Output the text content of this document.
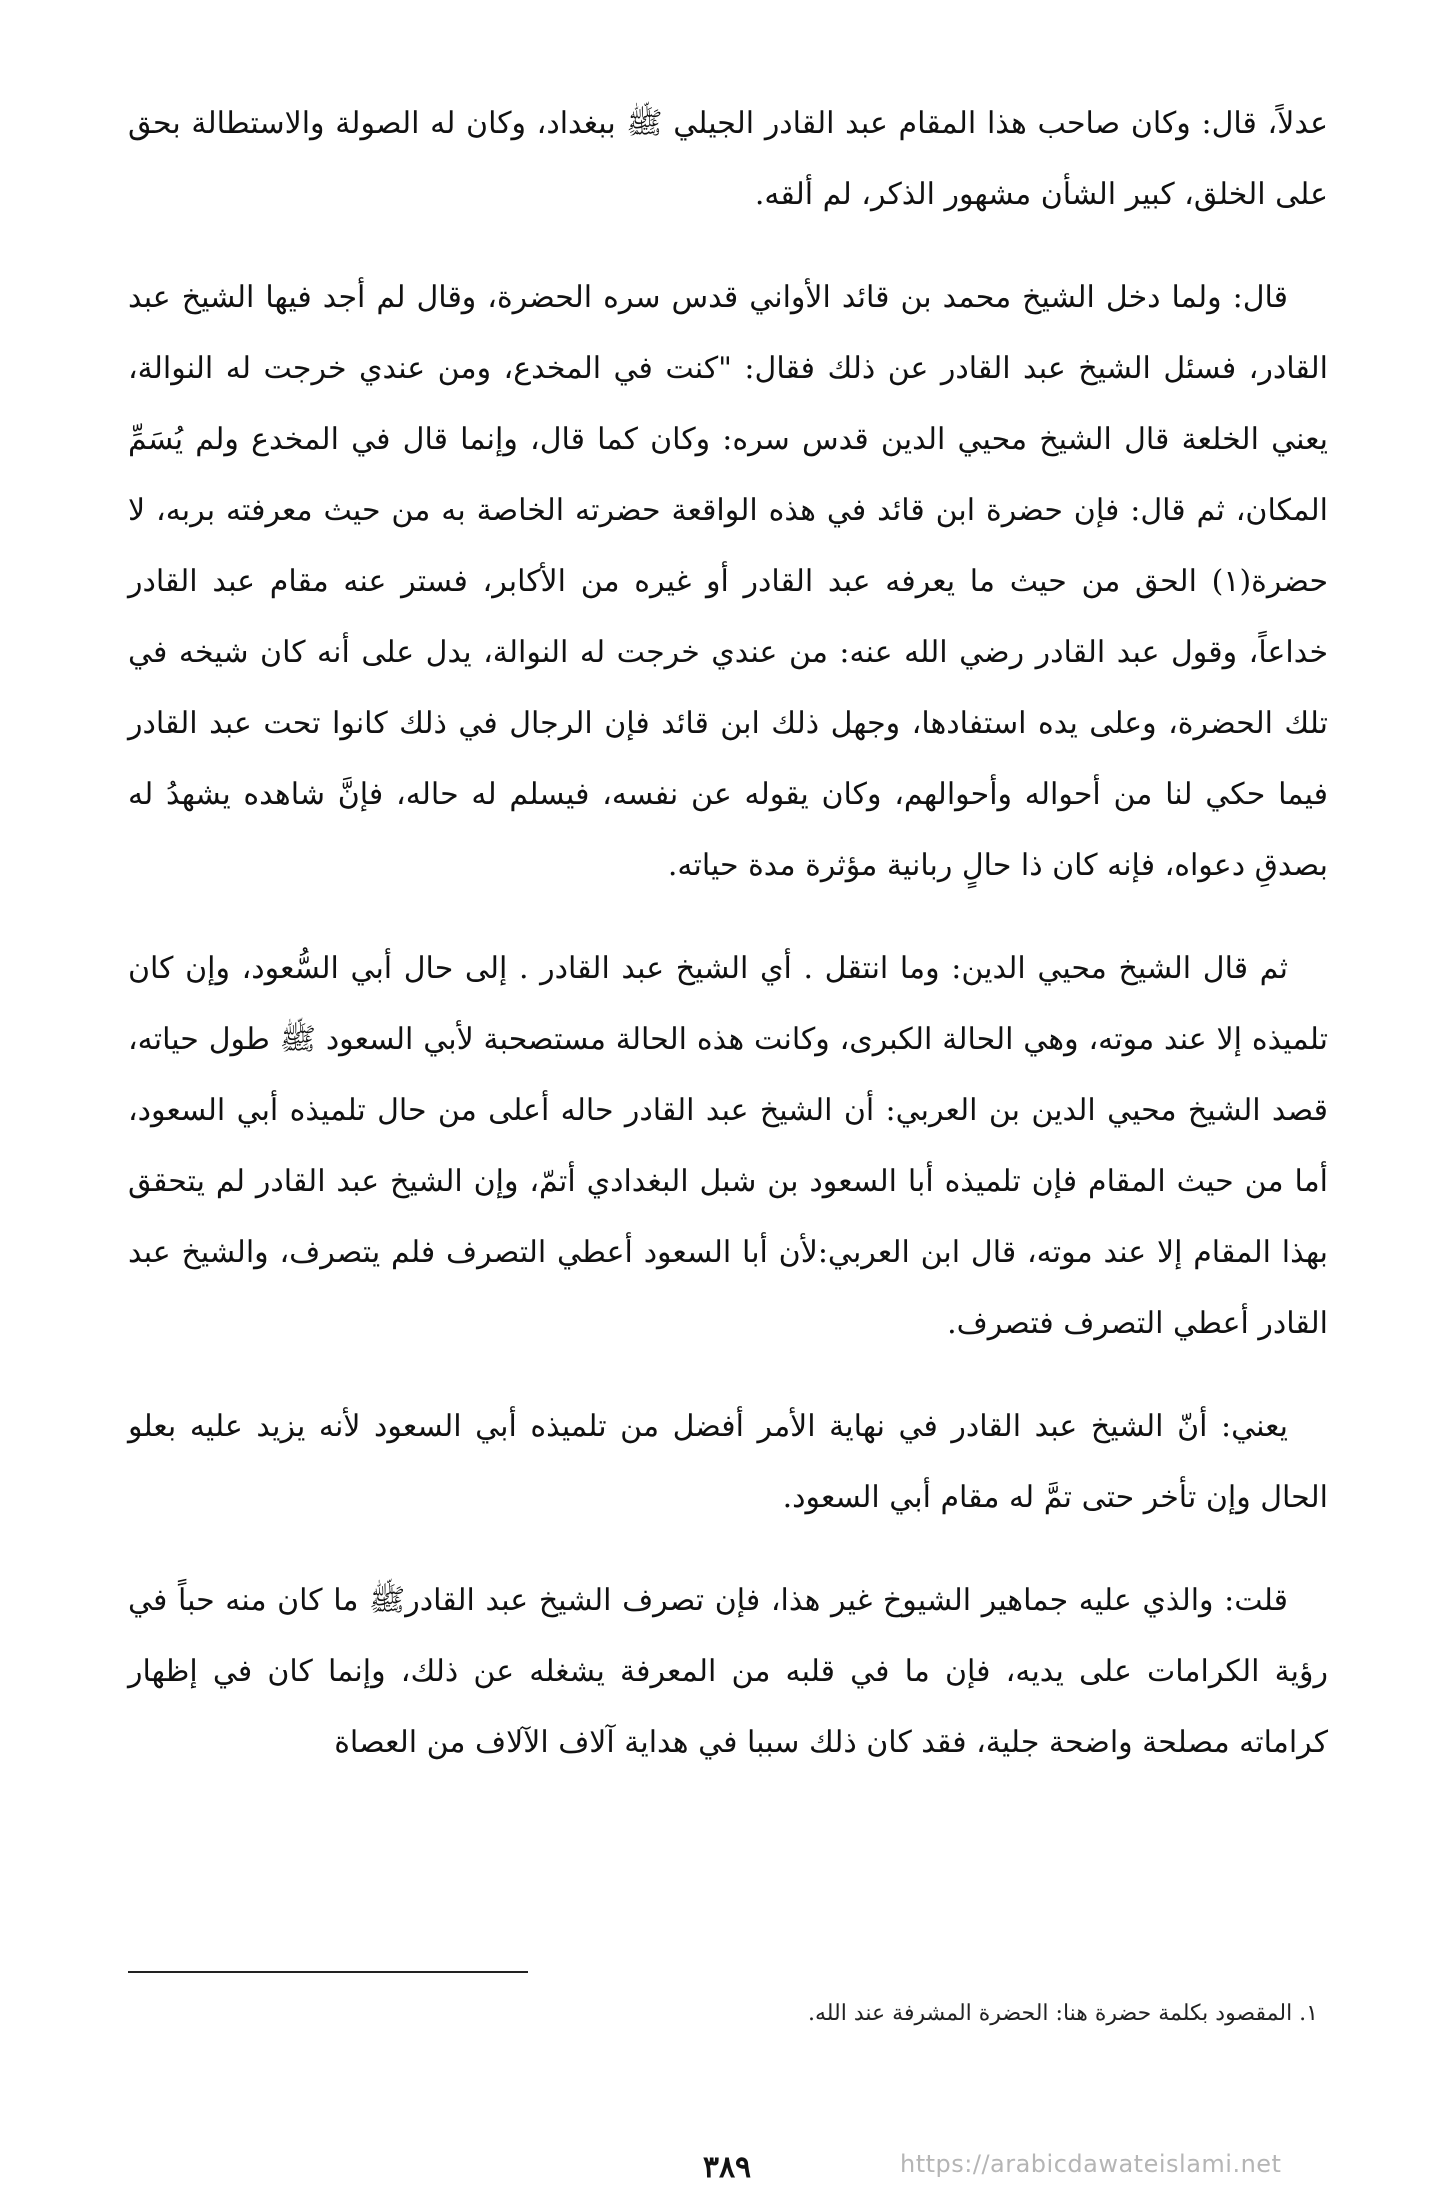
عدلاً، قال: وكان صاحب هذا المقام عبد القادر الجيلي ﷺ ببغداد، وكان له الصولة والاستطالة بحق على الخلق، كبير الشأن مشهور الذكر، لم ألقه.

قال: ولما دخل الشيخ محمد بن قائد الأواني قدس سره الحضرة، وقال لم أجد فيها الشيخ عبد القادر، فسئل الشيخ عبد القادر عن ذلك فقال: "كنت في المخدع، ومن عندي خرجت له النوالة، يعني الخلعة قال الشيخ محيي الدين قدس سره: وكان كما قال، وإنما قال في المخدع ولم يُسَمِّ المكان، ثم قال: فإن حضرة ابن قائد في هذه الواقعة حضرته الخاصة به من حيث معرفته بربه، لا حضرة(١) الحق من حيث ما يعرفه عبد القادر أو غيره من الأكابر، فستر عنه مقام عبد القادر خداعاً، وقول عبد القادر رضي الله عنه: من عندي خرجت له النوالة، يدل على أنه كان شيخه في تلك الحضرة، وعلى يده استفادها، وجهل ذلك ابن قائد فإن الرجال في ذلك كانوا تحت عبد القادر فيما حكي لنا من أحواله وأحوالهم، وكان يقوله عن نفسه، فيسلم له حاله، فإنَّ شاهده يشهدُ له بصدقِ دعواه، فإنه كان ذا حالٍ ربانية مؤثرة مدة حياته.

ثم قال الشيخ محيي الدين: وما انتقل . أي الشيخ عبد القادر . إلى حال أبي السُّعود، وإن كان تلميذه إلا عند موته، وهي الحالة الكبرى، وكانت هذه الحالة مستصحبة لأبي السعود ﷺ طول حياته، قصد الشيخ محيي الدين بن العربي: أن الشيخ عبد القادر حاله أعلى من حال تلميذه أبي السعود، أما من حيث المقام فإن تلميذه أبا السعود بن شبل البغدادي أتمّ، وإن الشيخ عبد القادر لم يتحقق بهذا المقام إلا عند موته، قال ابن العربي:لأن أبا السعود أعطي التصرف فلم يتصرف، والشيخ عبد القادر أعطي التصرف فتصرف.

يعني: أنّ الشيخ عبد القادر في نهاية الأمر أفضل من تلميذه أبي السعود لأنه يزيد عليه بعلو الحال وإن تأخر حتى تمَّ له مقام أبي السعود.

قلت: والذي عليه جماهير الشيوخ غير هذا، فإن تصرف الشيخ عبد القادرﷺ ما كان منه حباً في رؤية الكرامات على يديه، فإن ما في قلبه من المعرفة يشغله عن ذلك، وإنما كان في إظهار كراماته مصلحة واضحة جلية، فقد كان ذلك سببا في هداية آلاف الآلاف من العصاة

١. المقصود بكلمة حضرة هنا: الحضرة المشرفة عند الله.
٣٨٩	https://arabicdawateislami.net
